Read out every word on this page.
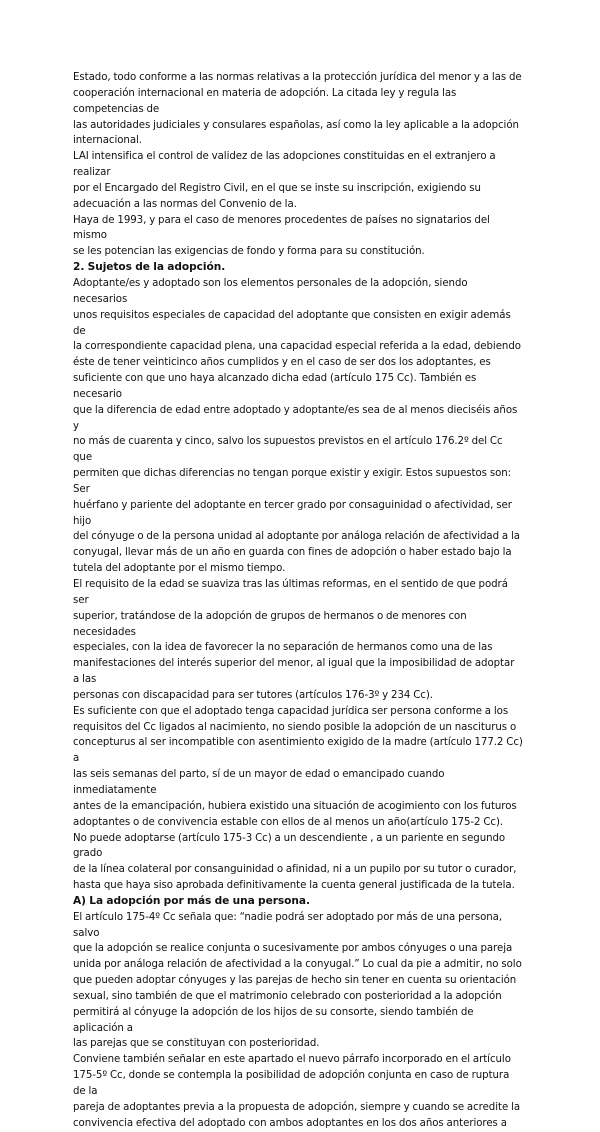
Estado, todo conforme a las normas relativas a la protección jurídica del menor y a las de
cooperación internacional en materia de adopción. La citada ley y regula las competencias de
las autoridades judiciales y consulares españolas, así como la ley aplicable a la adopción
internacional.

LAI intensifica el control de validez de las adopciones constituidas en el extranjero a realizar
por el Encargado del Registro Civil, en el que se inste su inscripción, exigiendo su
adecuación a las normas del Convenio de la.

Haya de 1993, y para el caso de menores procedentes de países no signatarios del mismo
se les potencian las exigencias de fondo y forma para su constitución.

2. Sujetos de la adopción.

Adoptante/es y adoptado son los elementos personales de la adopción, siendo necesarios
unos requisitos especiales de capacidad del adoptante que consisten en exigir además de
la correspondiente capacidad plena, una capacidad especial referida a la edad, debiendo
éste de tener veinticinco años cumplidos y en el caso de ser dos los adoptantes, es
suficiente con que uno haya alcanzado dicha edad (artículo 175 Cc). También es necesario
que la diferencia de edad entre adoptado y adoptante/es sea de al menos dieciséis años y
no más de cuarenta y cinco, salvo los supuestos previstos en el artículo 176.2º del Cc que
permiten que dichas diferencias no tengan porque existir y exigir. Estos supuestos son: Ser
huérfano y pariente del adoptante en tercer grado por consaguinidad o afectividad, ser hijo
del cónyuge o de la persona unidad al adoptante por análoga relación de afectividad a la
conyugal, llevar más de un año en guarda con fines de adopción o haber estado bajo la
tutela del adoptante por el mismo tiempo.

El requisito de la edad se suaviza tras las últimas reformas, en el sentido de que podrá ser
superior, tratándose de la adopción de grupos de hermanos o de menores con necesidades
especiales, con la idea de favorecer la no separación de hermanos como una de las
manifestaciones del interés superior del menor, al igual que la imposibilidad de adoptar a las
personas con discapacidad para ser tutores (artículos 176-3º y 234 Cc).

Es suficiente con que el adoptado tenga capacidad jurídica ser persona conforme a los
requisitos del Cc ligados al nacimiento, no siendo posible la adopción de un nasciturus o
concepturus al ser incompatible con asentimiento exigido de la madre (artículo 177.2 Cc) a
las seis semanas del parto, sí de un mayor de edad o emancipado cuando inmediatamente
antes de la emancipación, hubiera existido una situación de acogimiento con los futuros
adoptantes o de convivencia estable con ellos de al menos un año(artículo 175-2 Cc).

No puede adoptarse (artículo 175-3 Cc) a un descendiente , a un pariente en segundo grado
de la línea colateral por consanguinidad o afinidad, ni a un pupilo por su tutor o curador,
hasta que haya siso aprobada definitivamente la cuenta general justificada de la tutela.

A) La adopción por más de una persona.

El artículo 175-4º Cc señala que: “nadie podrá ser adoptado por más de una persona, salvo
que la adopción se realice conjunta o sucesivamente por ambos cónyuges o una pareja
unida por análoga relación de afectividad a la conyugal.” Lo cual da pie a admitir, no solo
que pueden adoptar cónyuges y las parejas de hecho sin tener en cuenta su orientación
sexual, sino también de que el matrimonio celebrado con posterioridad a la adopción
permitirá al cónyuge la adopción de los hijos de su consorte, siendo también de aplicación a
las parejas que se constituyan con posterioridad.

Conviene también señalar en este apartado el nuevo párrafo incorporado en el artículo
175-5º Cc, donde se contempla la posibilidad de adopción conjunta en caso de ruptura de la
pareja de adoptantes previa a la propuesta de adopción, siempre y cuando se acredite la
convivencia efectiva del adoptado con ambos adoptantes en los dos años anteriores a
